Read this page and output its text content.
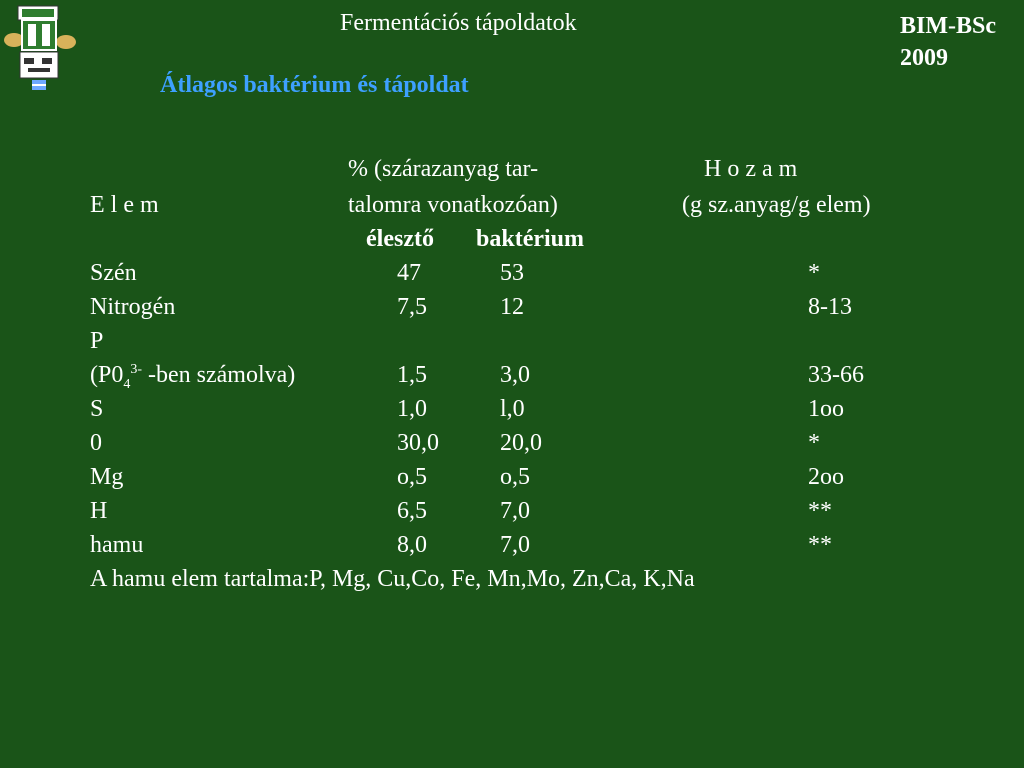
Fermentációs tápoldatok	BIM-BSc
2009
Átlagos baktérium és tápoldat
% (szárazanyag tar-	H o z a m
E l e m	talomra vonatkozóan)	(g sz.anyag/g elem)
élesztő baktérium
Szén	47	53	*
Nitrogén	7,5	12	8-13
P
($P0_4^{3-}$ -ben számolva)	1,5	3,0	33-66
S	1,0	l,0	1oo
0	30,0	20,0	*
Mg	o,5	o,5	2oo
H	6,5	7,0	**
hamu	8,0	7,0	**
A hamu elem tartalma:P, Mg, Cu,Co, Fe, Mn,Mo, Zn,Ca, K,Na
